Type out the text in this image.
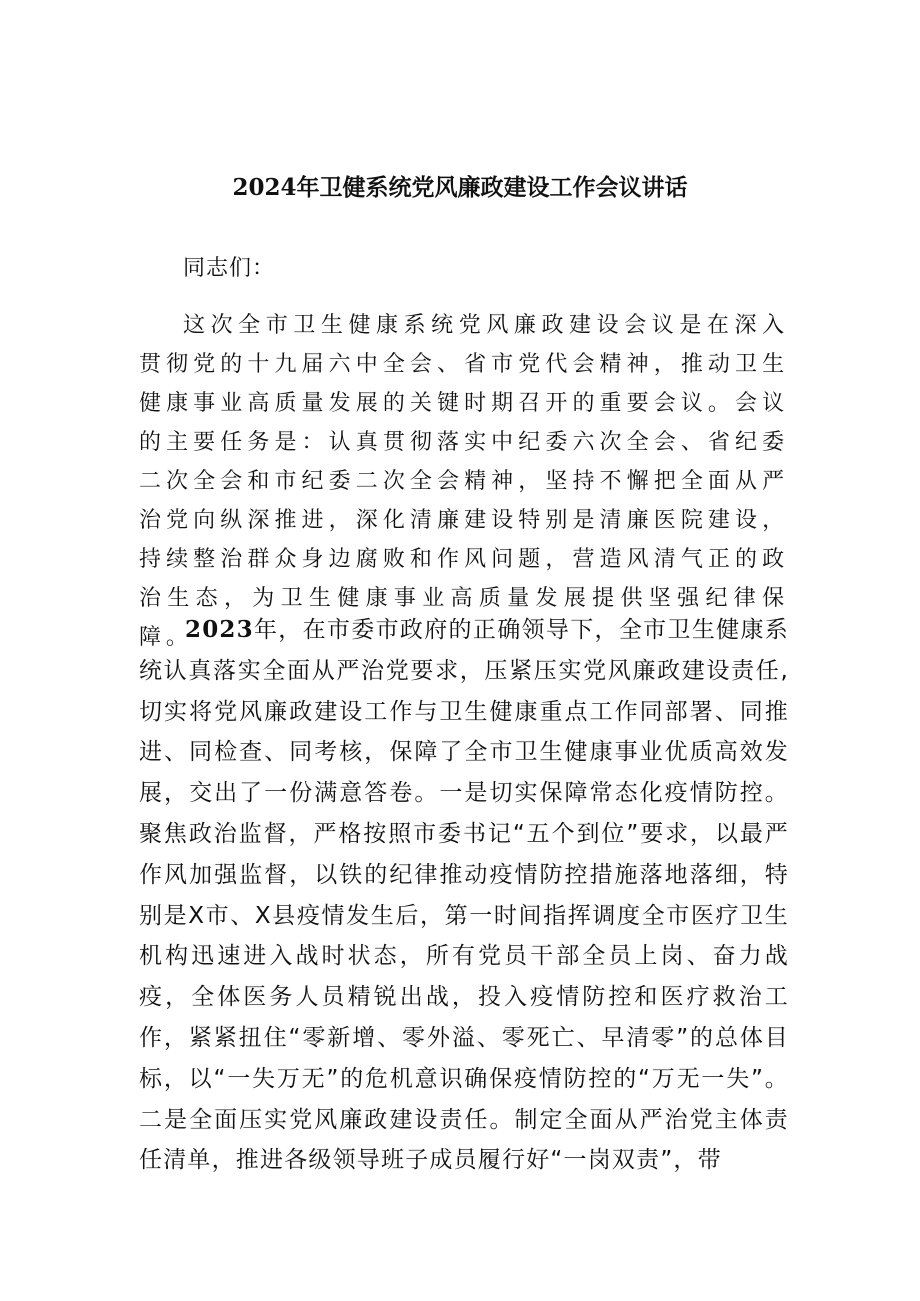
2024年卫健系统党风廉政建设工作会议讲话

同志们：

这次全市卫生健康系统党风廉政建设会议是在深入贯彻党的十九届六中全会、省市党代会精神，推动卫生健康事业高质量发展的关键时期召开的重要会议。会议的主要任务是：认真贯彻落实中纪委六次全会、省纪委二次全会和市纪委二次全会精神，坚持不懈把全面从严治党向纵深推进，深化清廉建设特别是清廉医院建设，持续整治群众身边腐败和作风问题，营造风清气正的政治生态，为卫生健康事业高质量发展提供坚强纪律保障。

2023年，在市委市政府的正确领导下，全市卫生健康系统认真落实全面从严治党要求，压紧压实党风廉政建设责任,切实将党风廉政建设工作与卫生健康重点工作同部署、同推进、同检查、同考核，保障了全市卫生健康事业优质高效发展，交出了一份满意答卷。一是切实保障常态化疫情防控。聚焦政治监督，严格按照市委书记“五个到位”要求，以最严作风加强监督，以铁的纪律推动疫情防控措施落地落细，特别是X市、X县疫情发生后，第一时间指挥调度全市医疗卫生机构迅速进入战时状态，所有党员干部全员上岗、奋力战疫，全体医务人员精锐出战，投入疫情防控和医疗救治工作，紧紧扭住“零新增、零外溢、零死亡、早清零”的总体目标，以“一失万无”的危机意识确保疫情防控的“万无一失”。二是全面压实党风廉政建设责任。制定全面从严治党主体责任清单，推进各级领导班子成员履行好“一岗双责”，带
